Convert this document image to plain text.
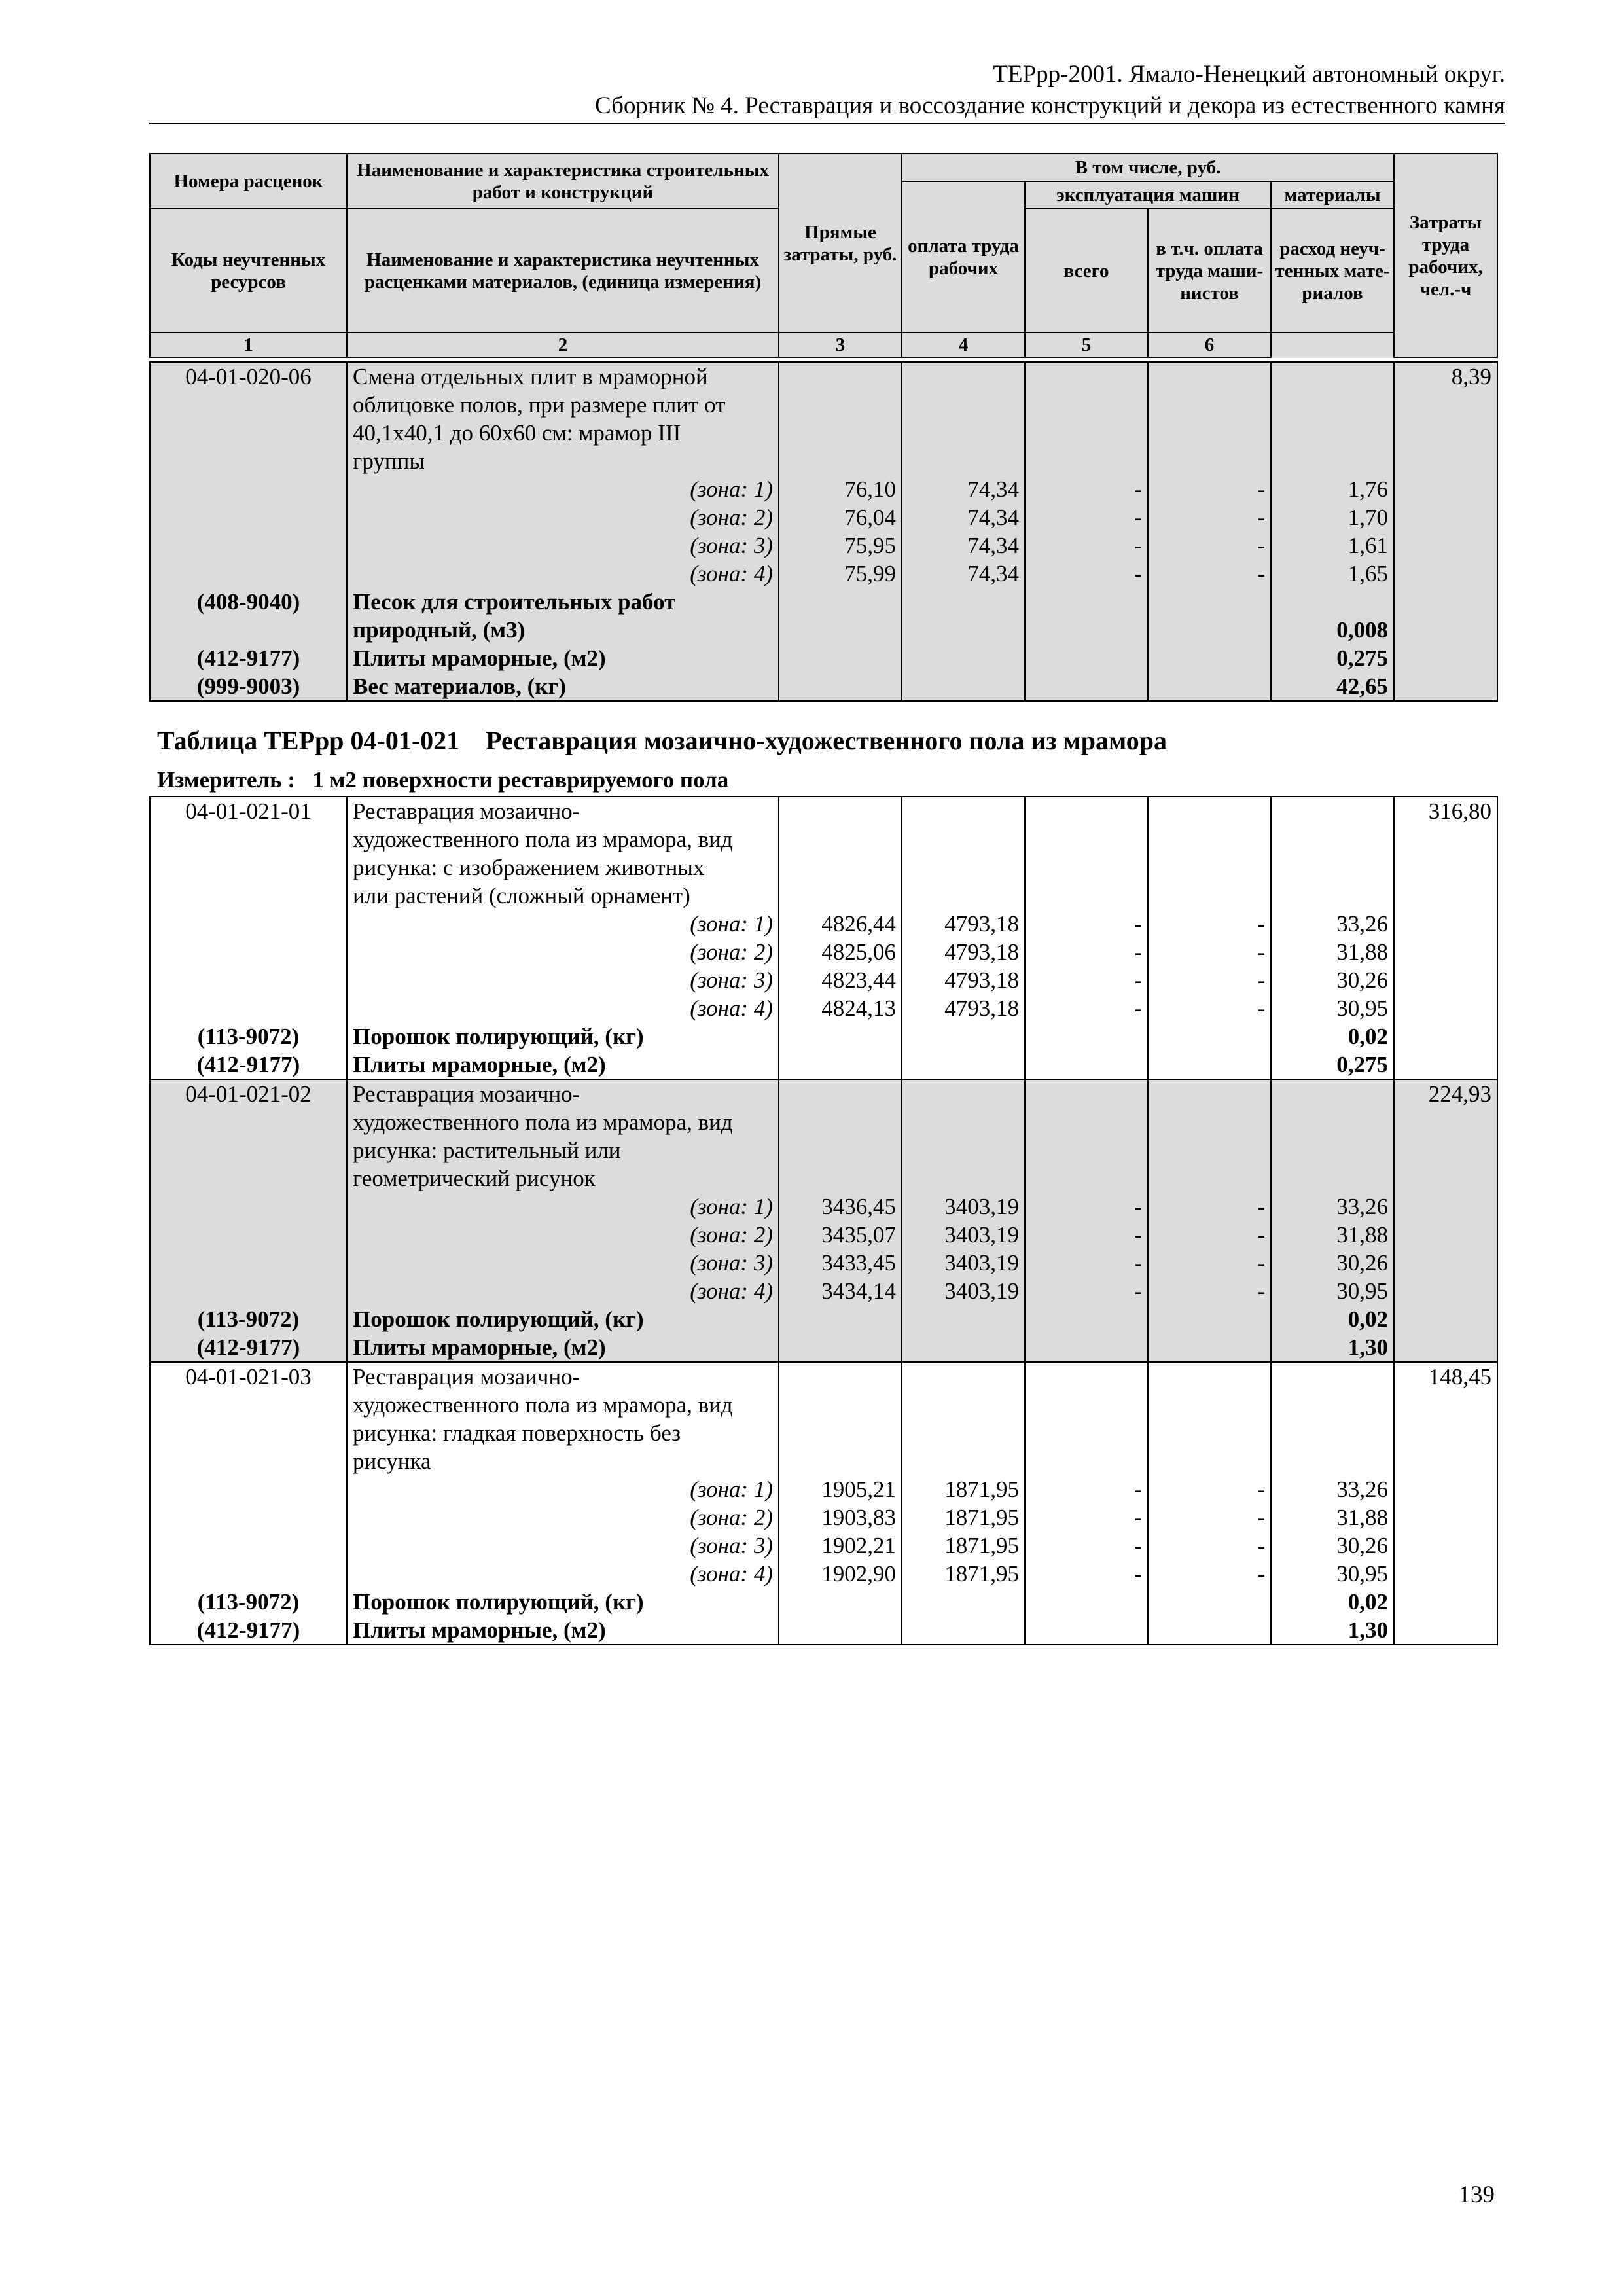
ТЕРрр-2001. Ямало-Ненецкий автономный округ.
Сборник № 4. Реставрация и воссоздание конструкций и декора из естественного камня
Номера расценок	Наименование и характеристика строительных работ и конструкций	Прямые затраты, руб.	В том числе, руб.				Затраты труда рабочих, чел.-ч
			оплата труда рабочих	эксплуатация машин		материалы	
Коды неучтенных ресурсов	Наименование и характеристика неучтенных расценками материалов, (единица измерения)			всего	в т.ч. оплата труда маши-нистов	расход неуч-тенных мате-риалов	
1	2	3	4	5	6		
04-01-020-06	Смена отдельных плит в мраморной						8,39
	облицовке полов, при размере плит от						
	40,1х40,1 до 60х60 см: мрамор III						
	группы						
	(зона: 1)	76,10	74,34	-	-	1,76	
	(зона: 2)	76,04	74,34	-	-	1,70	
	(зона: 3)	75,95	74,34	-	-	1,61	
	(зона: 4)	75,99	74,34	-	-	1,65	
(408-9040)	Песок для строительных работ						
	природный, (м3)					0,008	
(412-9177)	Плиты мраморные, (м2)					0,275	
(999-9003)	Вес материалов, (кг)					42,65	
Таблица ТЕРрр 04-01-021    Реставрация мозаично-художественного пола из мрамора
Измеритель : 1 м2 поверхности реставрируемого пола
04-01-021-01	Реставрация мозаично-						316,80
	художественного пола из мрамора, вид						
	рисунка: с изображением животных						
	или растений (сложный орнамент)						
	(зона: 1)	4826,44	4793,18	-	-	33,26	
	(зона: 2)	4825,06	4793,18	-	-	31,88	
	(зона: 3)	4823,44	4793,18	-	-	30,26	
	(зона: 4)	4824,13	4793,18	-	-	30,95	
(113-9072)	Порошок полирующий, (кг)					0,02	
(412-9177)	Плиты мраморные, (м2)					0,275	
04-01-021-02	Реставрация мозаично-						224,93
	художественного пола из мрамора, вид						
	рисунка: растительный или						
	геометрический рисунок						
	(зона: 1)	3436,45	3403,19	-	-	33,26	
	(зона: 2)	3435,07	3403,19	-	-	31,88	
	(зона: 3)	3433,45	3403,19	-	-	30,26	
	(зона: 4)	3434,14	3403,19	-	-	30,95	
(113-9072)	Порошок полирующий, (кг)					0,02	
(412-9177)	Плиты мраморные, (м2)					1,30	
04-01-021-03	Реставрация мозаично-						148,45
	художественного пола из мрамора, вид						
	рисунка: гладкая поверхность без						
	рисунка						
	(зона: 1)	1905,21	1871,95	-	-	33,26	
	(зона: 2)	1903,83	1871,95	-	-	31,88	
	(зона: 3)	1902,21	1871,95	-	-	30,26	
	(зона: 4)	1902,90	1871,95	-	-	30,95	
(113-9072)	Порошок полирующий, (кг)					0,02	
(412-9177)	Плиты мраморные, (м2)					1,30	
139
